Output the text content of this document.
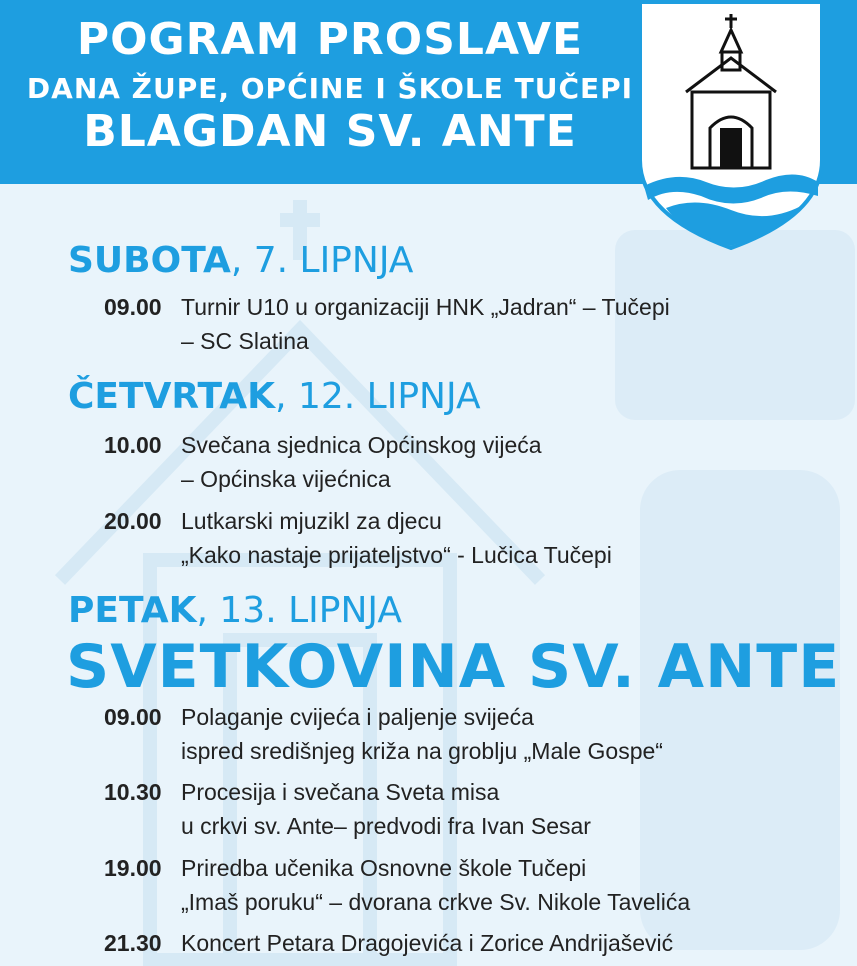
POGRAM PROSLAVE
DANA ŽUPE, OPĆINE I ŠKOLE TUČEPI
BLAGDAN SV. ANTE
SUBOTA, 7. LIPNJA
09.00 Turnir U10 u organizaciji HNK „Jadran“ – Tučepi
– SC Slatina
ČETVRTAK, 12. LIPNJA
10.00 Svečana sjednica Općinskog vijeća
– Općinska vijećnica
20.00 Lutkarski mjuzikl za djecu
„Kako nastaje prijateljstvo“ - Lučica Tučepi
PETAK, 13. LIPNJA
SVETKOVINA SV. ANTE
09.00 Polaganje cvijeća i paljenje svijeća
ispred središnjeg križa na groblju „Male Gospe“
10.30 Procesija i svečana Sveta misa
u crkvi sv. Ante– predvodi fra Ivan Sesar
19.00 Priredba učenika Osnovne škole Tučepi
„Imaš poruku“ – dvorana crkve Sv. Nikole Tavelića
21.30 Koncert Petara Dragojevića i Zorice Andrijašević
